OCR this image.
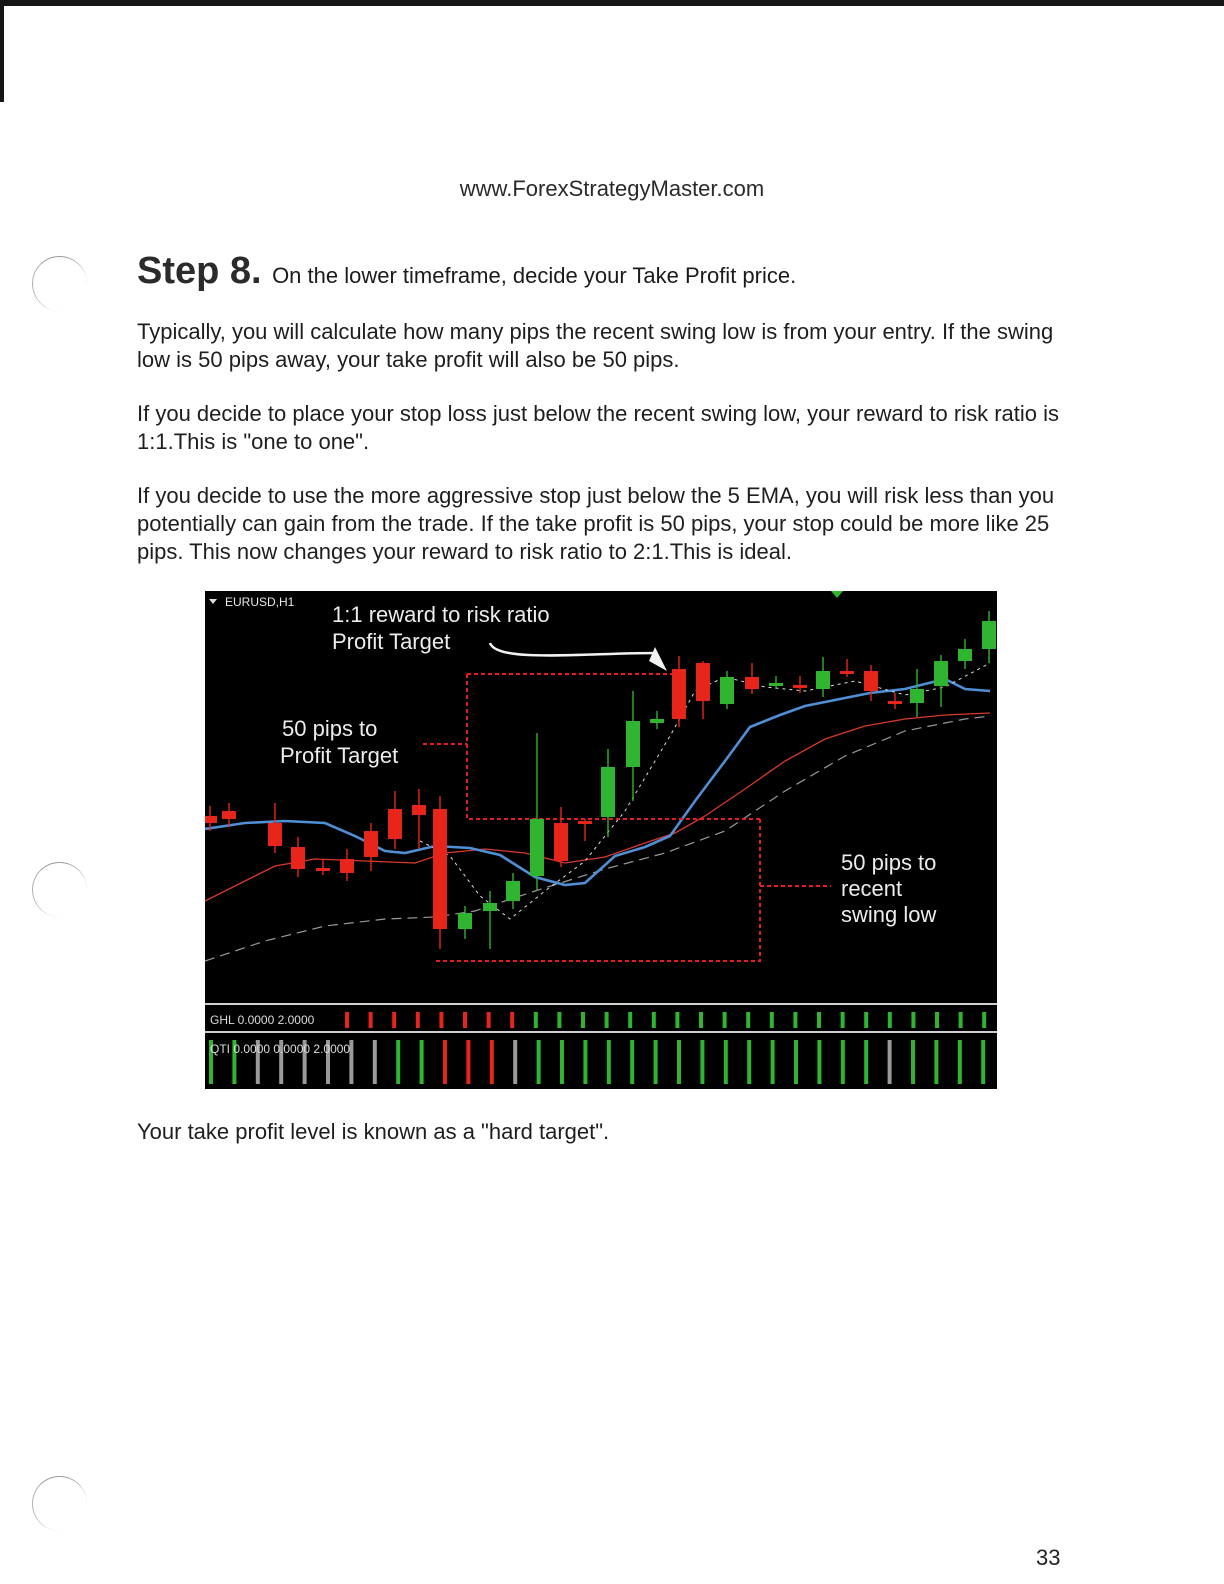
www.ForexStrategyMaster.com
Step 8. On the lower timeframe, decide your Take Profit price.

Typically, you will calculate how many pips the recent swing low is from your entry. If the swing low is 50 pips away, your take profit will also be 50 pips.

If you decide to place your stop loss just below the recent swing low, your reward to risk ratio is 1:1.This is "one to one".

If you decide to use the more aggressive stop just below the 5 EMA, you will risk less than you potentially can gain from the trade. If the take profit is 50 pips, your stop could be more like 25 pips. This now changes your reward to risk ratio to 2:1.This is ideal.

EURUSD,H1 1:1 reward to risk ratio
Profit Target
50 pips to
Profit Target
50 pips to
recent
swing low
GHL 0.0000 2.0000
QTI 0.0000 0.0000 2.0000

Your take profit level is known as a "hard target".

33
